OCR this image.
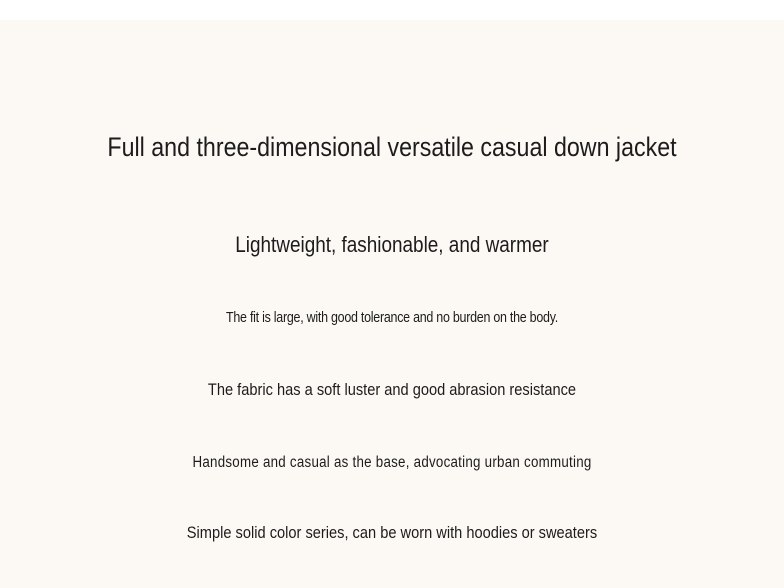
Full and three-dimensional versatile casual down jacket
Lightweight, fashionable, and warmer
The fit is large, with good tolerance and no burden on the body.
The fabric has a soft luster and good abrasion resistance
Handsome and casual as the base, advocating urban commuting
Simple solid color series, can be worn with hoodies or sweaters
